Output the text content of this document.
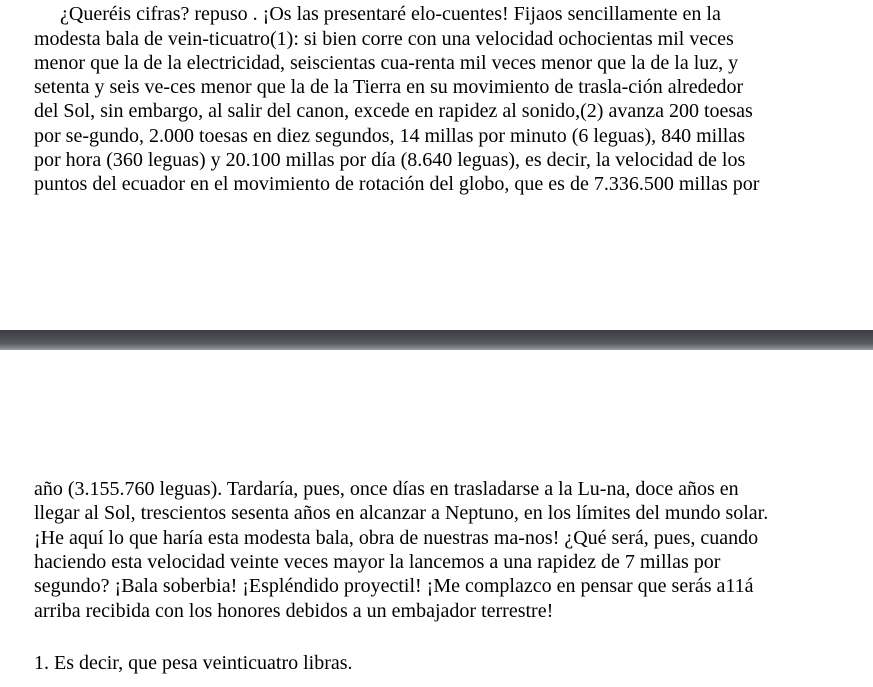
¿Queréis cifras? repuso . ¡Os las presentaré elo-cuentes! Fijaos sencillamente en la

modesta bala de vein-ticuatro(1): si bien corre con una velocidad ochocientas mil veces

menor que la de la electricidad, seiscientas cua-renta mil veces menor que la de la luz, y

setenta y seis ve-ces menor que la de la Tierra en su movimiento de trasla-ción alrededor

del Sol, sin embargo, al salir del canon, excede en rapidez al sonido,(2) avanza 200 toesas

por se-gundo, 2.000 toesas en diez segundos, 14 millas por minuto (6 leguas), 840 millas

por hora (360 leguas) y 20.100 millas por día (8.640 leguas), es decir, la velocidad de los

puntos del ecuador en el movimiento de rotación del globo, que es de 7.336.500 millas por

año (3.155.760 leguas). Tardaría, pues, once días en trasladarse a la Lu-na, doce años en

llegar al Sol, trescientos sesenta años en alcanzar a Neptuno, en los límites del mundo solar.

¡He aquí lo que haría esta modesta bala, obra de nuestras ma-nos! ¿Qué será, pues, cuando

haciendo esta velocidad veinte veces mayor la lancemos a una rapidez de 7 millas por

segundo? ¡Bala soberbia! ¡Espléndido proyectil! ¡Me complazco en pensar que serás a11á

arriba recibida con los honores debidos a un embajador terrestre!

1. Es decir, que pesa veinticuatro libras.
